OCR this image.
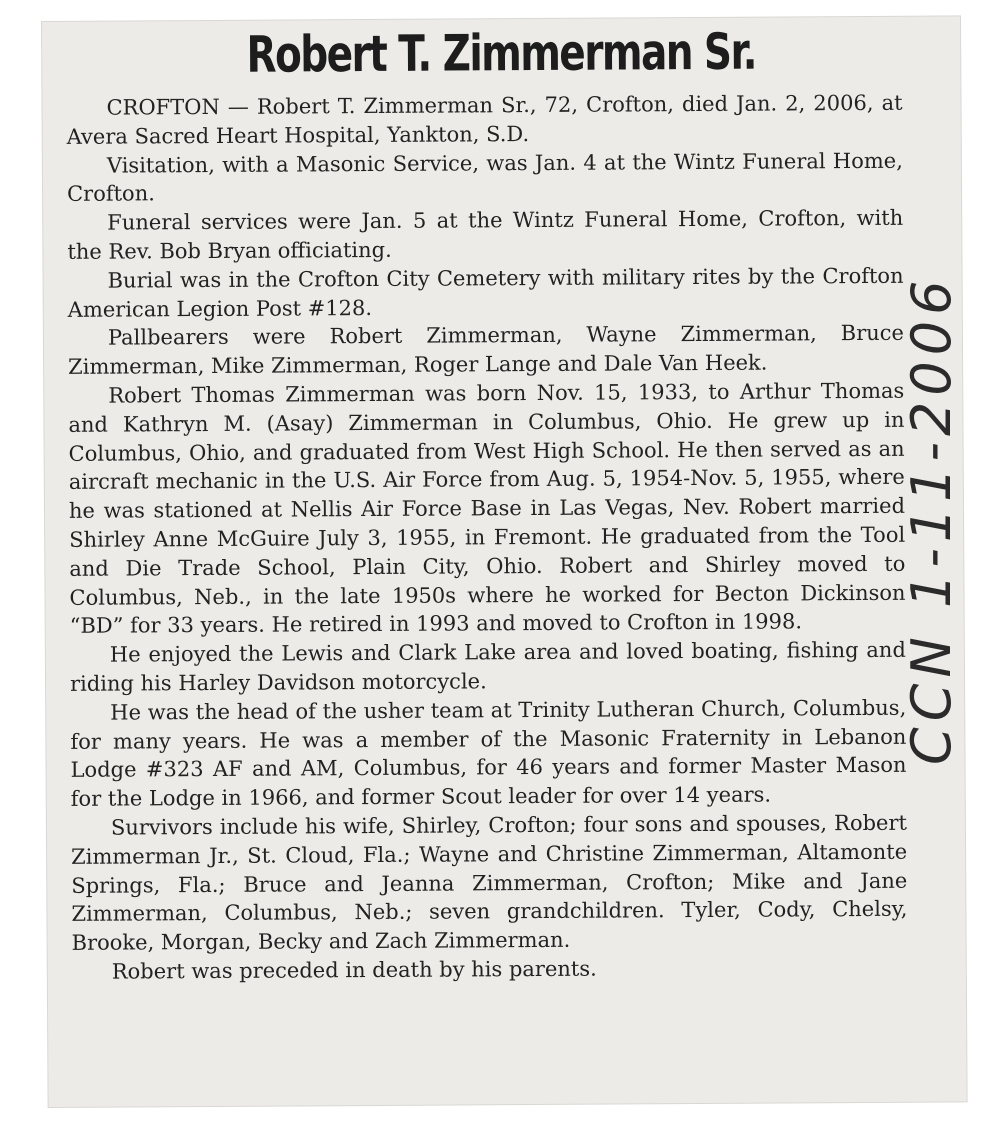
Robert T. Zimmerman Sr.

CROFTON — Robert T. Zimmerman Sr., 72, Crofton, died Jan. 2, 2006, at Avera Sacred Heart Hospital, Yankton, S.D.

Visitation, with a Masonic Service, was Jan. 4 at the Wintz Funeral Home, Crofton.

Funeral services were Jan. 5 at the Wintz Funeral Home, Crofton, with the Rev. Bob Bryan officiating.

Burial was in the Crofton City Cemetery with military rites by the Crofton American Legion Post #128.

Pallbearers were Robert Zimmerman, Wayne Zimmerman, Bruce Zimmerman, Mike Zimmerman, Roger Lange and Dale Van Heek.

Robert Thomas Zimmerman was born Nov. 15, 1933, to Arthur Thomas and Kathryn M. (Asay) Zimmerman in Columbus, Ohio. He grew up in Columbus, Ohio, and graduated from West High School. He then served as an aircraft mechanic in the U.S. Air Force from Aug. 5, 1954-Nov. 5, 1955, where he was stationed at Nellis Air Force Base in Las Vegas, Nev. Robert married Shirley Anne McGuire July 3, 1955, in Fremont. He graduated from the Tool and Die Trade School, Plain City, Ohio. Robert and Shirley moved to Columbus, Neb., in the late 1950s where he worked for Becton Dickinson “BD” for 33 years. He retired in 1993 and moved to Crofton in 1998.

He enjoyed the Lewis and Clark Lake area and loved boating, fishing and riding his Harley Davidson motorcycle.

He was the head of the usher team at Trinity Lutheran Church, Columbus, for many years. He was a member of the Masonic Fraternity in Lebanon Lodge #323 AF and AM, Columbus, for 46 years and former Master Mason for the Lodge in 1966, and former Scout leader for over 14 years.

Survivors include his wife, Shirley, Crofton; four sons and spouses, Robert Zimmerman Jr., St. Cloud, Fla.; Wayne and Christine Zimmerman, Altamonte Springs, Fla.; Bruce and Jeanna Zimmerman, Crofton; Mike and Jane Zimmerman, Columbus, Neb.; seven grandchildren. Tyler, Cody, Chelsy, Brooke, Morgan, Becky and Zach Zimmerman.

Robert was preceded in death by his parents.

CCN 1-11-2006
